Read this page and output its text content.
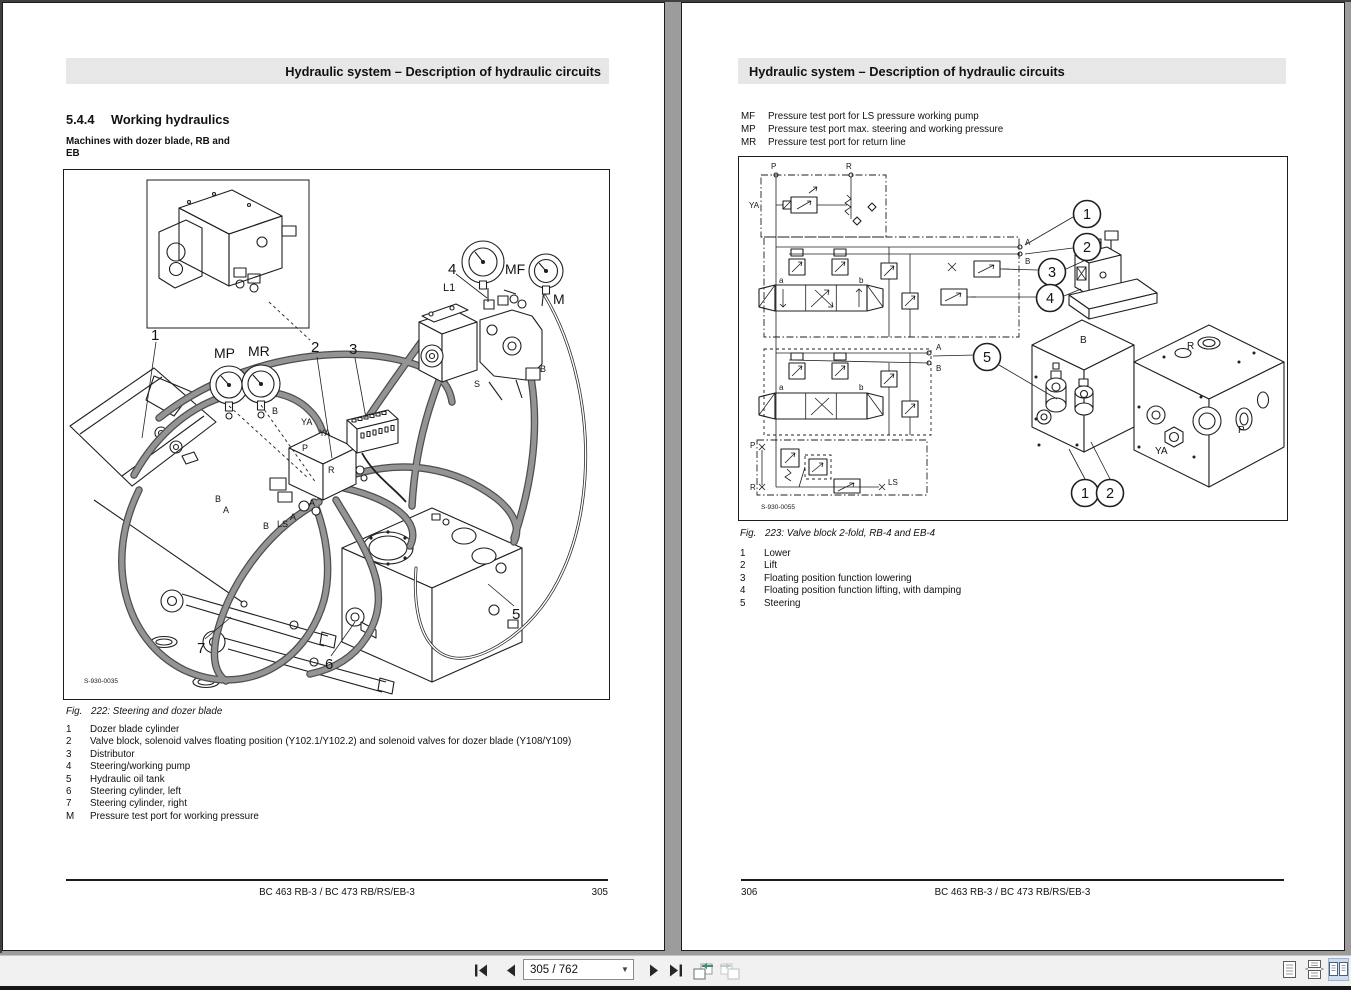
Hydraulic system – Description of hydraulic circuits
5.4.4	Working hydraulics
Machines with dozer blade, RB and
EB
MP MR
MF
M
4
L1
1
2 3
5
6
7
B
YA
YA
P
R
B
A
A
A
B LS
S
B
S-930-0035
Fig. 222: Steering and dozer blade
1	Dozer blade cylinder
2	Valve block, solenoid valves floating position (Y102.1/Y102.2) and solenoid valves for dozer blade (Y108/Y109)
3	Distributor
4	Steering/working pump
5	Hydraulic oil tank
6	Steering cylinder, left
7	Steering cylinder, right
M	Pressure test port for working pressure
BC 463 RB-3 / BC 473 RB/RS/EB-3	305
Hydraulic system – Description of hydraulic circuits
MF	Pressure test port for LS pressure working pump
MP	Pressure test port max. steering and working pressure
MR	Pressure test port for return line
1
2
3
4
5
1 2
P	R
YA
A
B
a	b
A
B
a	b
P
R
LS
B
R
P
YA
S-930-0055
Fig. 223: Valve block 2-fold, RB-4 and EB-4
1	Lower
2	Lift
3	Floating position function lowering
4	Floating position function lifting, with damping
5	Steering
306	BC 463 RB-3 / BC 473 RB/RS/EB-3
305 / 762
▼
